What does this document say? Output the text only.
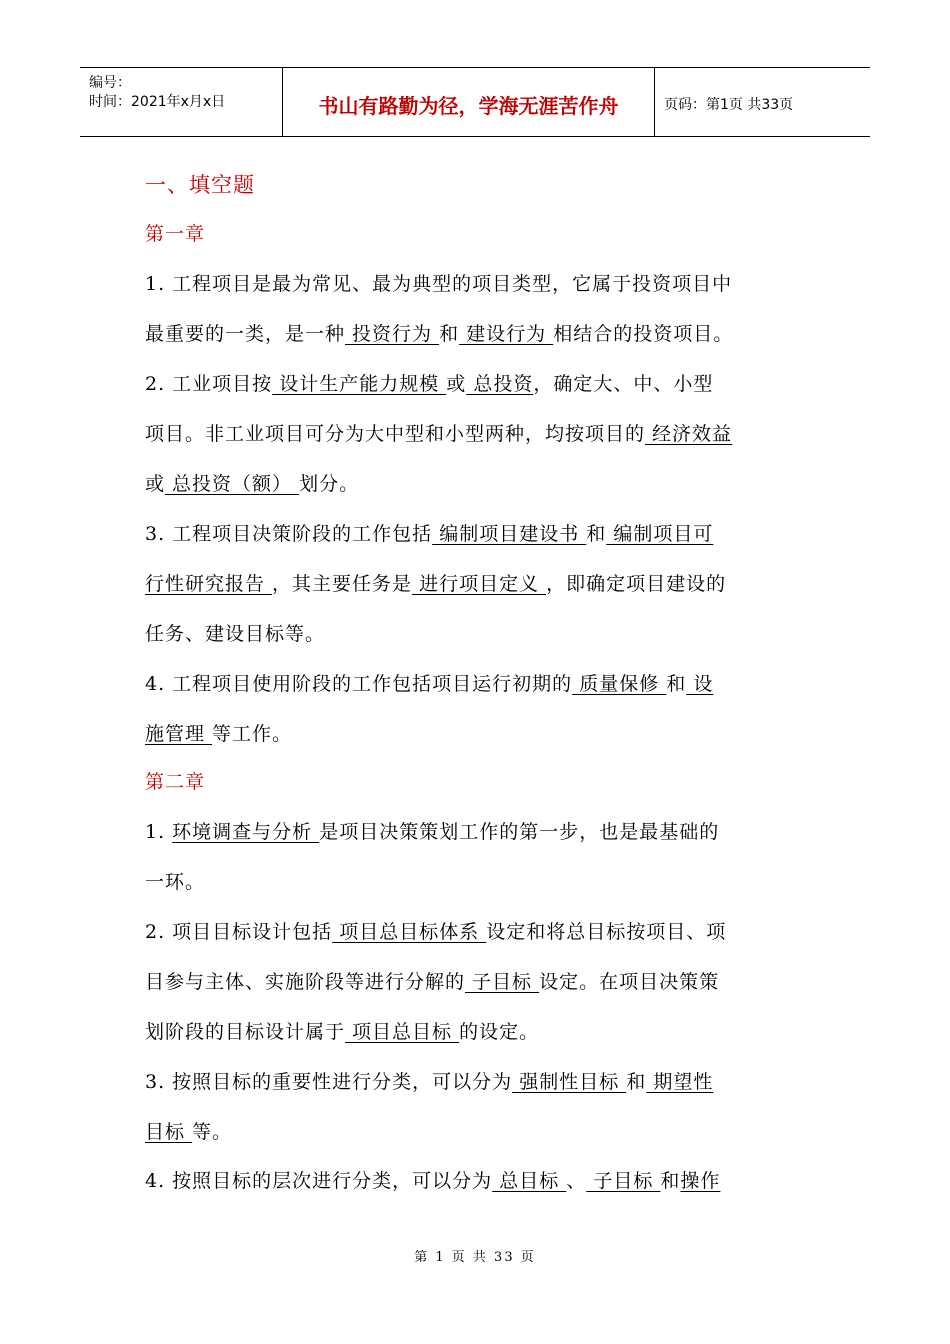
编号：
时间：2021年x月x日	书山有路勤为径，学海无涯苦作舟	页码：第1页 共33页
一、填空题
第一章
1. 工程项目是最为常见、最为典型的项目类型，它属于投资项目中
最重要的一类，是一种 投资行为 和 建设行为 相结合的投资项目。
2. 工业项目按 设计生产能力规模 或 总投资，确定大、中、小型
项目。非工业项目可分为大中型和小型两种，均按项目的 经济效益
或 总投资（额） 划分。
3. 工程项目决策阶段的工作包括 编制项目建设书 和 编制项目可
行性研究报告 ，其主要任务是 进行项目定义 ，即确定项目建设的
任务、建设目标等。
4. 工程项目使用阶段的工作包括项目运行初期的 质量保修 和 设
施管理 等工作。
第二章
1. 环境调查与分析 是项目决策策划工作的第一步，也是最基础的
一环。
2. 项目目标设计包括 项目总目标体系 设定和将总目标按项目、项
目参与主体、实施阶段等进行分解的 子目标 设定。在项目决策策
划阶段的目标设计属于 项目总目标 的设定。
3. 按照目标的重要性进行分类，可以分为 强制性目标 和 期望性
目标 等。
4. 按照目标的层次进行分类，可以分为 总目标 、 子目标 和操作
第 1 页 共 33 页
